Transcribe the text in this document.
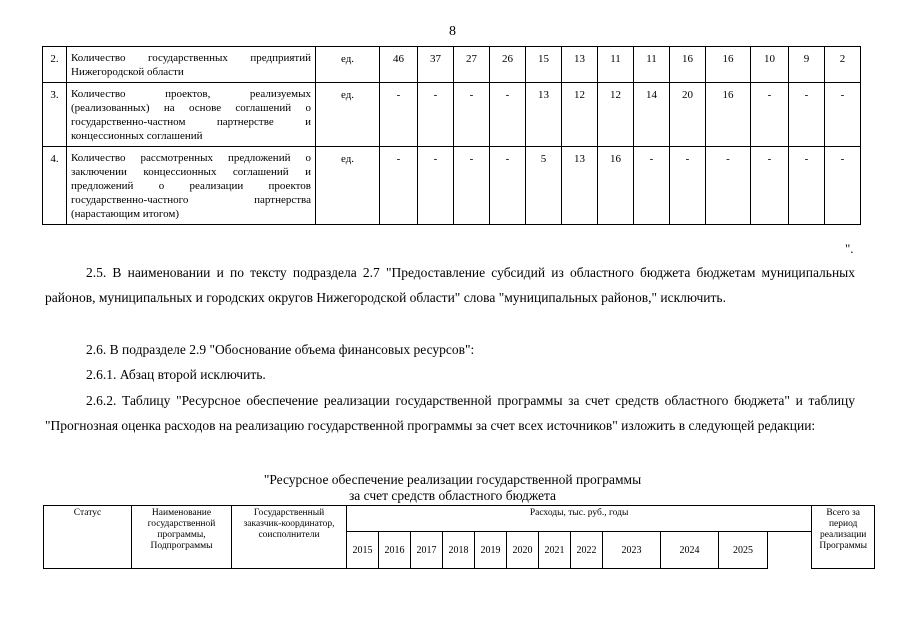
8
2.	Количество государственных предприятий Нижегородской области	ед.	46	37	27	26	15	13	11	11	16	16	10	9	2
3.	Количество проектов, реализуемых (реализованных) на основе соглашений о государственно-частном партнерстве и концессионных соглашений	ед.	-	-	-	-	13	12	12	14	20	16	-	-	-
4.	Количество рассмотренных предложений о заключении концессионных соглашений и предложений о реализации проектов государственно-частного партнерства (нарастающим итогом)	ед.	-	-	-	-	5	13	16	-	-	-	-	-	-
".
2.5. В наименовании и по тексту подраздела 2.7 "Предоставление субсидий из областного бюджета бюджетам муниципальных районов, муниципальных и городских округов Нижегородской области" слова "муниципальных районов," исключить.
2.6. В подразделе 2.9 "Обоснование объема финансовых ресурсов":
2.6.1. Абзац второй исключить.
2.6.2. Таблицу "Ресурсное обеспечение реализации государственной программы за счет средств областного бюджета" и таблицу "Прогнозная оценка расходов на реализацию государственной программы за счет всех источников" изложить в следующей редакции:
"Ресурсное обеспечение реализации государственной программы
за счет средств областного бюджета
Статус	Наименование государственной программы, Подпрограммы	Государственный заказчик-координатор, соисполнители	Расходы, тыс. руб., годы											Всего за период реализации Программы
			2015	2016	2017	2018	2019	2020	2021	2022	2023	2024	2025	
